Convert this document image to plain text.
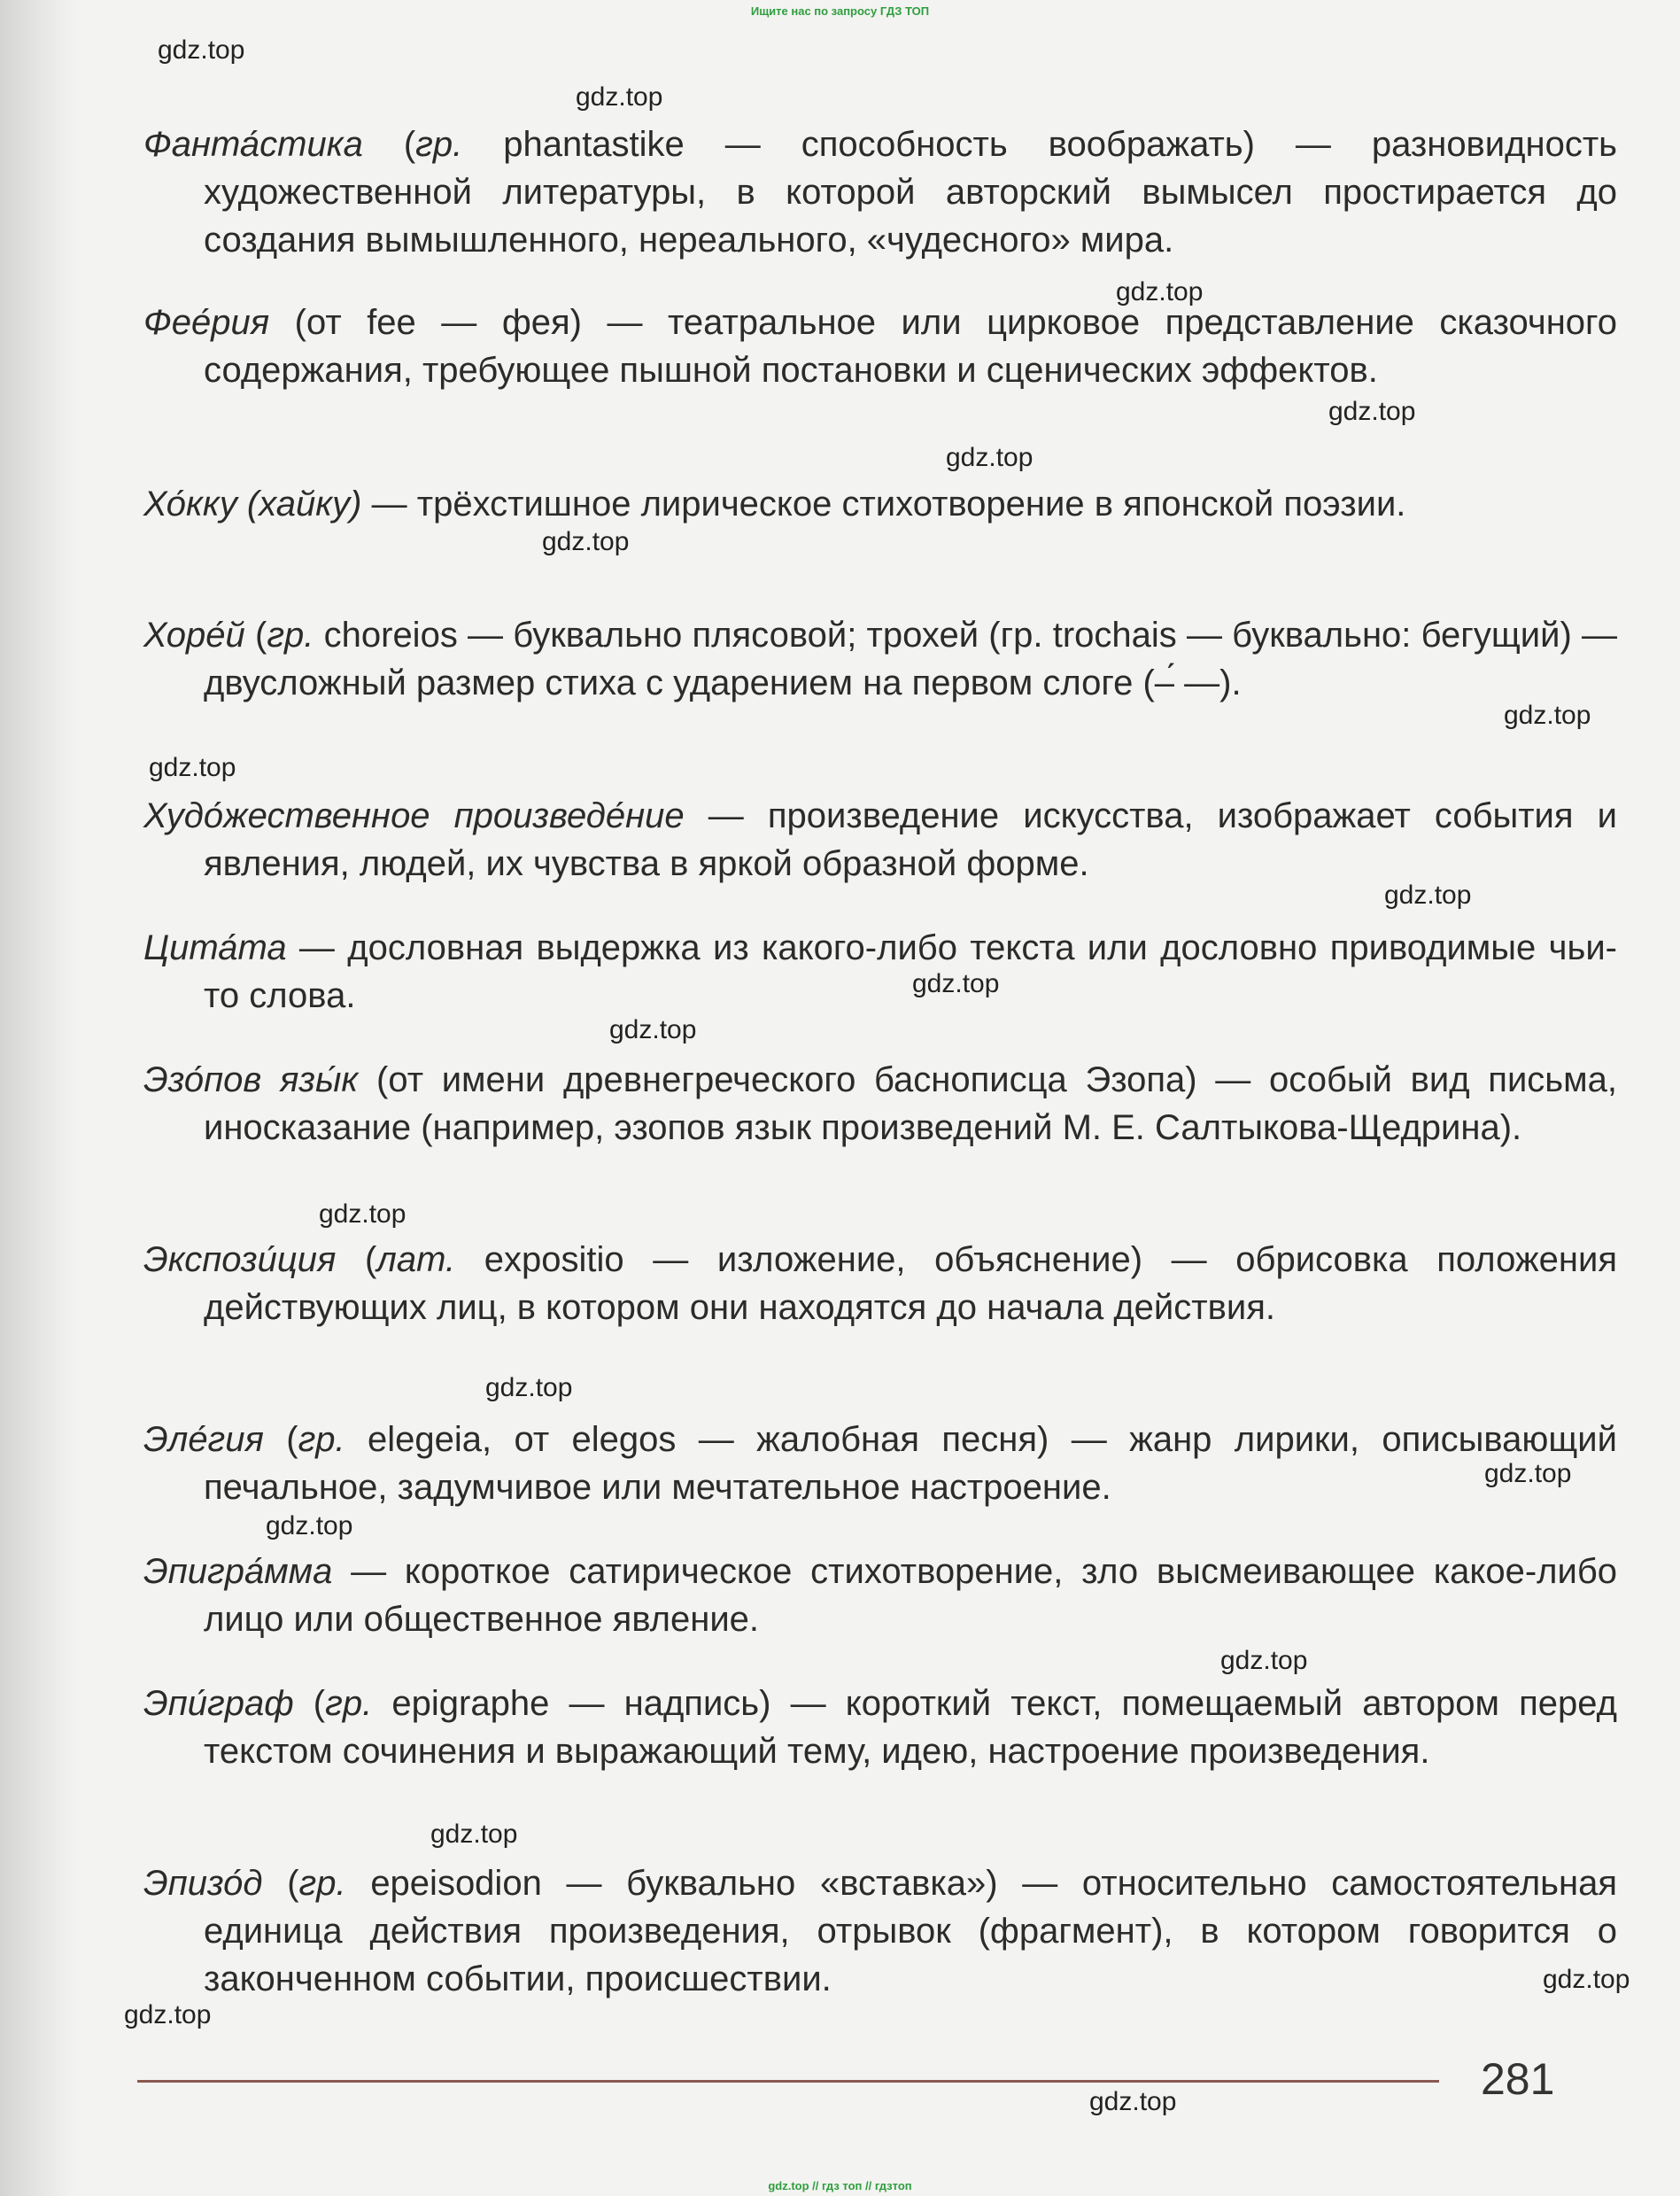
Ищите нас по запросу ГДЗ ТОП
Фанта́стика (гр. phantastike — способность воображать) — разновидность художественной литературы, в которой авторский вымысел простирается до создания вымышленного, нереального, «чудесного» мира.
Фее́рия (от fee — фея) — театральное или цирковое представление сказочного содержания, требующее пышной постановки и сценических эффектов.
Хо́кку (хайку) — трёхстишное лирическое стихотворение в японской поэзии.
Хоре́й (гр. choreios — буквально плясовой; трохей (гр. trochais — буквально: бегущий) — двусложный размер стиха с ударением на первом слоге (–́ —).
Худо́жественное произведе́ние — произведение искусства, изображает события и явления, людей, их чувства в яркой образной форме.
Цита́та — дословная выдержка из какого-либо текста или дословно приводимые чьи-то слова.
Эзо́пов язы́к (от имени древнегреческого баснописца Эзопа) — особый вид письма, иносказание (например, эзопов язык произведений М. Е. Салтыкова-Щедрина).
Экспози́ция (лат. expositio — изложение, объяснение) — обрисовка положения действующих лиц, в котором они находятся до начала действия.
Эле́гия (гр. elegeia, от elegos — жалобная песня) — жанр лирики, описывающий печальное, задумчивое или мечтательное настроение.
Эпигра́мма — короткое сатирическое стихотворение, зло высмеивающее какое-либо лицо или общественное явление.
Эпи́граф (гр. epigraphe — надпись) — короткий текст, помещаемый автором перед текстом сочинения и выражающий тему, идею, настроение произведения.
Эпизо́д (гр. epeisodion — буквально «вставка») — относительно самостоятельная единица действия произведения, отрывок (фрагмент), в котором говорится о законченном событии, происшествии.
gdz.top
gdz.top
gdz.top
gdz.top
gdz.top
gdz.top
gdz.top
gdz.top
gdz.top
gdz.top
gdz.top
gdz.top
gdz.top
gdz.top
gdz.top
gdz.top
gdz.top
gdz.top
gdz.top
gdz.top	281
gdz.top // гдз топ // гдзтоп
